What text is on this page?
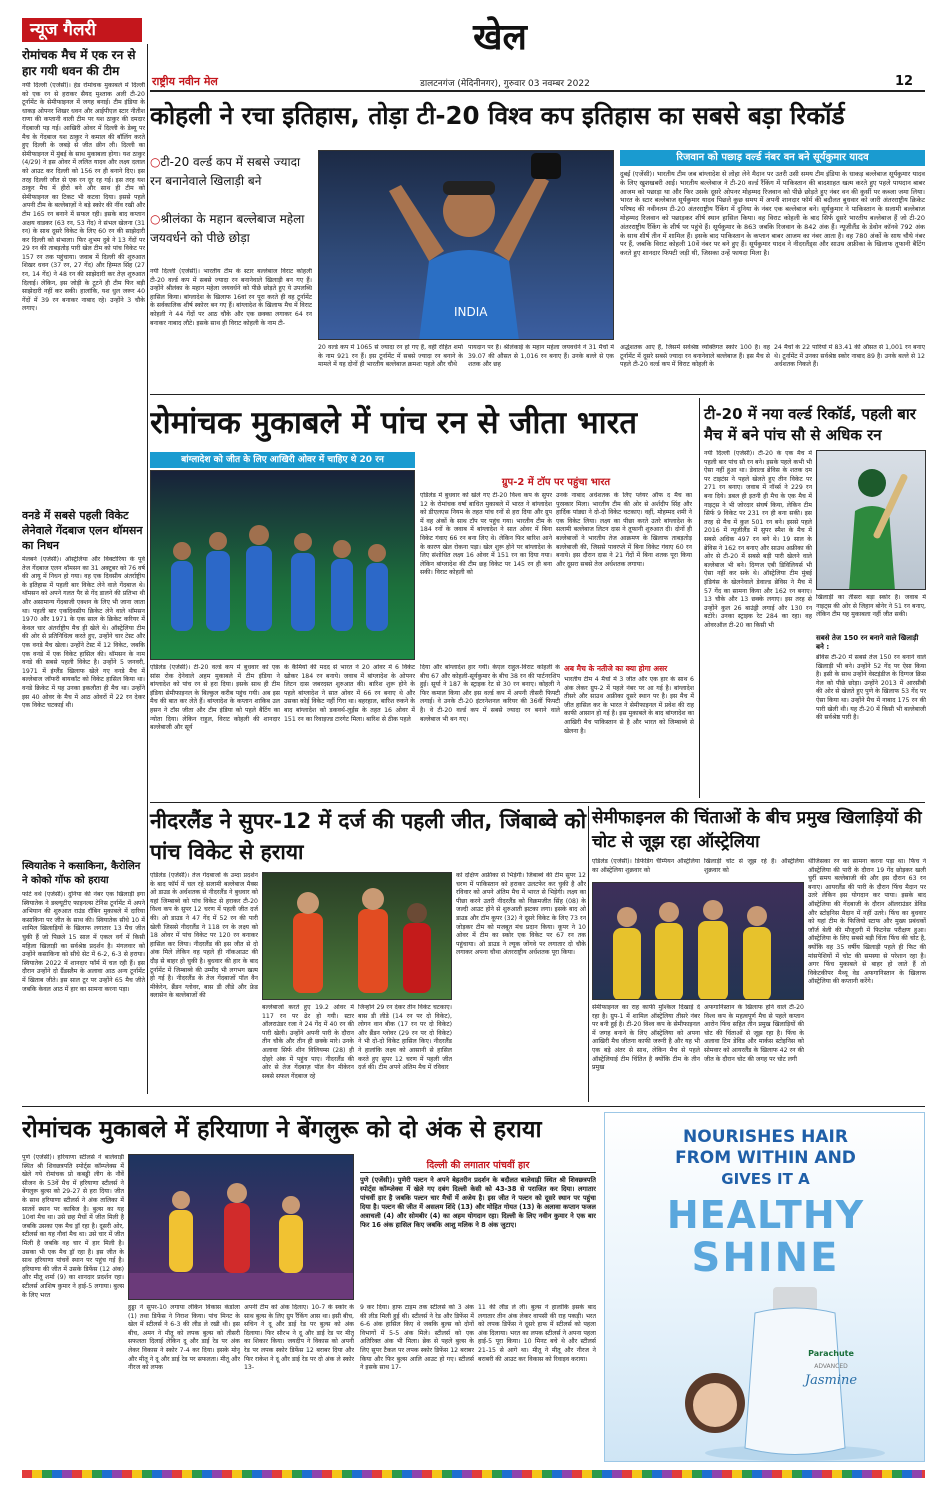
न्यूज गैलरी	खेल
राष्ट्रीय नवीन मेल	डालटनगंज (मेदिनीनगर), गुरुवार 03 नवम्बर 2022	12
रोमांचक मैच में एक रन से हार गयी धवन की टीम
नयी दिल्ली (एजेंसी)। हेड रोमांचक मुकाबले में दिल्ली को एक रन से हराकर सैयद मुश्ताक अली टी-20 टूर्नामेंट के सेमीफाइनल में जगह बनाई। टीम इंडिया के धाकड़ ओपनर शिखर धवन और आईपीएल स्टार नीतीश राणा की कप्तानी वाली टीम पर यश ठाकुर की दमदार गेंदबाजी पड़ गई। आखिरी ओवर में दिल्ली के डेब्यू पर मैच के गेंदबाज यश ठाकुर ने कमाल की बॉलिंग करते हुए दिल्ली के जबड़े से जीत छीन ली। दिल्ली का सेमीफाइनल में मुंबई के साथ मुकाबला होगा। यश ठाकुर (4/29) ने इस ओवर में ललित यादव और लक्ष्य दलाल को आउट कर दिल्ली को 156 रन ही बनाने दिए। इस तरह दिल्ली जीत से एक रन दूर रह गई। इस तरह यश ठाकुर मैच में हीरो बने और साथ ही टीम को सेमीफाइनल का टिकट भी कटवा दिया। इससे पहले अपनी टीम के बल्लेबाज़ों ने बड़े स्कोर की नींव रखी और टीम 165 रन बनाने में सफल रही। इसके बाद कप्तान अक्षय वाडकर (63 रन, 53 गेंद) ने संभल खेलना (31 रन) के साथ दूसरे विकेट के लिए 60 रन की साझेदारी कर दिल्ली को संभाला। फिर शुभम दुबे ने 13 गेंदों पर 29 रन की ताबड़तोड़ पारी खेल टीम को पांच विकेट पर 157 रन तक पहुंचाया। जवाब में दिल्ली की शुरुआत शिखर धवन (37 रन, 27 गेंद) और हिम्मत सिंह (27 रन, 14 गेंद) ने 48 रन की साझेदारी कर तेज़ शुरुआत दिलाई। लेकिन, इस जोड़ी के टूटने ही टीम फिर बड़ी साझेदारी नहीं कर सकी। हालांकि, यश धुल जरूर 40 गेंदों में 39 रन बनाकर नाबाद रहे। उन्होंने 3 चौके लगाए।
वनडे में सबसे पहली विकेट लेनेवाले गेंदबाज एलन थॉमसन का निधन
मेलबर्न (एजेंसी)। ऑस्ट्रेलिया और विक्टोरिया के पूर्व तेज गेंदबाज एलन थॉमसन का 31 अक्टूबर को 76 वर्ष की आयु में निधन हो गया। वह एक दिवसीय अंतर्राष्ट्रीय के इतिहास में पहली बार विकेट लेने वाले गेंदबाज थे। थॉमसन को अपने गलत पैर से गेंद डालने की प्रतिभा थी और असामान्य गेंदबाजी एक्शन के लिए भी जाना जाता था। पहली बार एकदिवसीय क्रिकेट लेने वाले थॉमसन 1970 और 1971 के एक साल के क्रिकेट करियर में केवल चार अंतर्राष्ट्रीय मैच ही खेले थे। ऑस्ट्रेलिया टीम की ओर से प्रतिनिधित्व करते हुए, उन्होंने चार टेस्ट और एक वनडे मैच खेला। उन्होंने टेस्ट में 12 विकेट, जबकि एक वनडे में एक विकेट हासिल की। थॉमसन के नाम वनडे की सबसे पहली विकेट है। उन्होंने 5 जनवरी, 1971 में इंग्लैंड खिलाफ खेले गए वनडे मैच में बल्लेबाज जॉफरी बायकॉट को विकेट हासिल किया था। वनडे क्रिकेट में यह उनका इकलौता ही मैच था। उन्होंने इस 40 ओवर के मैच में आठ ओवरों में 22 रन देकर एक विकेट चटकाई थी।
स्वियातेक ने कसाकिना, कैरोलिन ने कोको गॉफ को हराया
फोर्ट वर्थ (एजेंसी)। दुनिया की नंबर एक खिलाड़ी इगा स्वियातेक ने डब्ल्यूटीए फाइनल्स टेनिस टूर्नामेंट में अपने अभियान की शुरुआत राउंड रॉबिन मुकाबले में दारिया कसाकिना पर जीत के साथ की। स्वियातेक सीधे 10 में शामिल खिलाड़ियों के खिलाफ लगातार 13 मैच जीत चुकी हैं जो पिछले 15 साल में एकल वर्ग में किसी महिला खिलाड़ी का सर्वश्रेष्ठ प्रदर्शन है। मंगलवार को उन्होंने कसाकिना को सीधे सेट में 6-2, 6-3 से हराया। स्वियातेक 2022 में शानदार फॉर्म में चल रही हैं। इस दौरान उन्होंने दो ग्रैंडस्लैम के अलावा आठ अन्य टूर्नामेंट में खिताब जीते। इस साल टूर पर उन्होंने 65 मैच जीते जबकि केवल आठ में हार का सामना करना पड़ा।
कोहली ने रचा इतिहास, तोड़ा टी-20 विश्व कप इतिहास का सबसे बड़ा रिकॉर्ड
○टी-20 वर्ल्ड कप में सबसे ज्यादा रन बनानेवाले खिलाड़ी बने
○श्रीलंका के महान बल्लेबाज महेला जयवर्धने को पीछे छोड़ा
INDIA
नयी दिल्ली (एजेंसी)। भारतीय टीम के स्टार बल्लेबाज विराट कोहली टी-20 वर्ल्ड कप में सबसे ज्यादा रन बनानेवाले खिलाड़ी बन गए हैं। उन्होंने श्रीलंका के महान महेला जयवर्धने को पीछे छोड़ते हुए ये उपलब्धि हासिल किया। बांग्लादेश के खिलाफ 16वां रन पूरा करते ही वह टूर्नामेंट के सर्वकालिक शीर्ष स्कोरर बन गए हैं। बांग्लादेश के खिलाफ मैच में विराट कोहली ने 44 गेंदों पर आठ चौके और एक छक्का लगाकर 64 रन बनाकर नाबाद लौटे। इसके साथ ही विराट कोहली के नाम टी-
20 वर्ल्ड कप में 1065 से ज्यादा रन हो गए हैं, वहीं रोहित शर्मा के नाम 921 रन हैं। इस टूर्नामेंट में सबसे ज्यादा रन बनाने के मामले में यह दोनों ही भारतीय बल्लेबाज क्रमशः पहले और चौथे
पायदान पर हैं। श्रीलंकाई के महान महेला जयवर्धने ने 31 मैचों में 39.07 की औसत से 1,016 रन बनाए हैं। उनके बल्ले से एक शतक और छह
रिजवान को पछाड़ वर्ल्ड नंबर वन बने सूर्यकुमार यादव
दुबई (एजेंसी)। भारतीय टीम जब बांग्लादेश से लोहा लेने मैदान पर उतरी उसी समय टीम इंडिया के धाकड़ बल्लेबाज सूर्यकुमार यादव के लिए खुशखबरी आई। भारतीय बल्लेबाज ने टी-20 वर्ल्ड रैंकिंग में पाकिस्तान की बादशाहत खत्म करते हुए पहले पायदान बाबर आजम को पछाड़ा था और फिर उसके दूसरे ओपनर मोहम्मद रिजवान को पीछे छोड़ते हुए नंबर वन की कुर्सी पर कब्जा जमा लिया। भारत के स्टार बल्लेबाज सूर्यकुमार यादव पिछले कुछ समय में अपनी शानदार फॉर्म की बदौलत बुधवार को जारी अंतरराष्ट्रीय क्रिकेट परिषद की नवीनतम टी-20 अंतरराष्ट्रीय रैंकिंग में दुनिया के नंबर एक बल्लेबाज बने। सूर्यकुमार ने पाकिस्तान के सलामी बल्लेबाज मोहम्मद रिजवान को पछाड़कर शीर्ष स्थान हासिल किया। वह विराट कोहली के बाद सिर्फ दूसरे भारतीय बल्लेबाज हैं जो टी-20 अंतरराष्ट्रीय रैंकिंग के शीर्ष पर पहुंचे हैं। सूर्यकुमार के 863 जबकि रिजवान के 842 अंक हैं। न्यूजीलैंड के डेवोन कॉनवे 792 अंक के साथ शीर्ष तीन में शामिल हैं। इसके बाद पाकिस्तान के कप्तान बाबर आजम का नंबर आता है। वह 780 अंकों के साथ चौथे नंबर पर हैं, जबकि विराट कोहली 10वें नंबर पर बने हुए हैं। सूर्यकुमार यादव ने नीदरलैंड्स और साउथ अफ्रीका के खिलाफ तूफानी बैटिंग करते हुए शानदार फिफ्टी जड़ी थी, जिसका उन्हें फायदा मिला है।
अर्द्धशतक आए हैं, जिसमें सर्वश्रेष्ठ व्यक्तिगत स्कोर 100 है। वह टूर्नामेंट में दूसरे सबसे ज्यादा रन बनानेवाले बल्लेबाज हैं। इस मैच से पहले टी-20 वर्ल्ड कप में विराट कोहली के
24 मैचों के 22 पारियों में 83.41 की औसत से 1,001 रन बनाए थे। टूर्नामेंट में उनका सर्वश्रेष्ठ स्कोर नाबाद 89 है। उनके बल्ले से 12 अर्धशतक निकले हैं।
रोमांचक मुकाबले में पांच रन से जीता भारत
बांग्लादेश को जीत के लिए आखिरी ओवर में चाहिए थे 20 रन
ग्रुप-2 में टॉप पर पहुंचा भारत
एडिलेड में बुधवार को खेले गए टी-20 विश्व कप के सुपर 12 के रोमांचक वर्षा बाधित मुकाबले में भारत ने बांग्लादेश को डीएलएस नियम के तहत पांच रनों से हरा दिया और ग्रुप में वह अंकों के साथ टॉप पर पहुंच गया। भारतीय टीम के 184 रनों के जवाब में बांग्लादेश ने सात ओवर में बिना विकेट गंवाए 66 रन बना लिए थे। लेकिन फिर बारिश आने के कारण खेल रोकना पड़ा। खेल शुरू होने पर बांग्लादेश के लिए संशोधित लक्ष्य 16 ओवर में 151 रन का दिया गया। लेकिन बांग्लादेश की टीम छह विकेट पर 145 रन ही बना सकी। विराट कोहली को
उनके नाबाद अर्धशतक के लिए प्लेयर ऑफ द मैच का पुरस्कार मिला। भारतीय टीम की ओर से अर्शदीप सिंह और हार्दिक पांड्या ने दो-दो विकेट चटकाए। वहीं, मोहम्मद शमी ने एक विकेट लिया। लक्ष्य का पीछा करते उतरे बांग्लादेश के सलामी बल्लेबाज लिटन दास ने तूफानी शुरुआत दी। दोनों ही बल्लेबाजों ने भारतीय तेज आक्रमण के खिलाफ ताबड़तोड़ बल्लेबाजी की, जिससे पावरप्ले में बिना विकेट गंवाए 60 रन बनाये। इस दौरान दास ने 21 गेंदों में बिना शतक पूरा किया और दूसरा सबसे तेज अर्धशतक लगाया।
एडिलेड (एजेंसी)। टी-20 वर्ल्ड कप में बुधवार को एक सांस रोक देनेवाले अहम मुकाबले में टीम इंडिया ने बांग्लादेश को पांच रन से हरा दिया। इसके साथ ही टीम इंडिया सेमीफाइनल के बिल्कुल करीब पहुंच गयी। अब इस मैच की बात कर लेते हैं। बांग्लादेश के कप्तान शाकिब उल हसन ने टॉस जीता और टीम इंडिया को पहले बैटिंग का न्योता दिया। लेकिन राहुल, विराट कोहली की शानदार बल्लेबाजी और सूर्य
के कैमियो की मदद से भारत ने 20 ओवर में 6 विकेट खोकर 184 रन बनाये। जवाब में बांग्लादेश के ओपनर लिटन दास जबरदस्त शुरुआत की। बारिश शुरू होने के पहले बांग्लादेश ने सात ओवर में 66 रन बनाए थे और उसका कोई विकेट नहीं गिरा था। बहरहाल, बारिश रुकने के बाद बांग्लादेश को डकवर्थ-लुईस के तहत 16 ओवर में 151 रन का रिवाइज्ड टारगेट मिला। बारिश से ठीक पहले
दिया और बांग्लादेश हार गयी। केएल राहुल-विराट कोहली के बीच 67 और कोहली-सूर्यकुमार के बीच 38 रन की पार्टनरशिप हुई। सूर्या ने 187 के स्ट्राइक रेट से 30 रन बनाए। कोहली ने फिर कमाल किया और इस वर्ल्ड कप में अपनी तीसरी फिफ्टी लगाई। वे उनके टी-20 इंटरनेशनल करियर की 36वीं फिफ्टी है। वे टी-20 वर्ल्ड कप में सबसे ज्यादा रन बनाने वाले बल्लेबाज भी बन गए।
अब मैच के नतीजे का क्या होगा असर
भारतीय टीम 4 मैचों में 3 जीत और एक हार के साथ 6 अंक लेकर ग्रुप-2 में पहले नंबर पर आ गई है। बांग्लादेश तीसरे और साउथ अफ्रीका दूसरे स्थान पर है। इस मैच में जीत हासिल कर के भारत ने सेमीफाइनल में प्रवेश की राह काफी आसान हो गई है। इस मुकाबले के बाद बांग्लादेश का आखिरी मैच पाकिस्तान से है और भारत को जिम्बाब्वे से खेलना है।
टी-20 में नया वर्ल्ड रिकॉर्ड, पहली बार मैच में बने पांच सौ से अधिक रन
नयी दिल्ली (एजेंसी)। टी-20 के एक मैच में पहली बार पांच सौ रन बने। इसके पहले कभी भी ऐसा नहीं हुआ था। डेवाल्ड ब्रेविस के शतक दम पर टाइटंस ने पहले खेलते हुए तीन विकेट पर 271 रन बनाए। जवाब में नॉर्थ्स ने 229 रन बना दिये। डबल ही इतनी ही मैच के एक मैच में नाइट्स ने भी जोरदार संघर्ष किया, लेकिन टीम सिर्फ 9 विकेट पर 231 रन ही बना सकी। इस तरह से मैच में कुल 501 रन बने। इससे पहले 2016 में न्यूजीलैंड में सुपर स्मैश के मैच में सबसे अधिक 497 रन बने थे। 19 साल के ब्रेविस ने 162 रन बनाए और साउथ अफ्रीका की ओर से टी-20 में सबसे बड़ी पारी खेलने वाले बल्लेबाज भी बने। दिग्गज एबी डिविलियर्स भी ऐसा नहीं कर सके थे। ऑस्ट्रेलिया टीम मुंबई इंडियंस के खेलनेवाले डेवाल्ड ब्रेविस ने मैच में 57 गेंद का सामना किया और 162 रन बनाए। 13 चौके और 13 छक्के लगाए। इस तरह से उन्होंने कुल 26 बाउंड्री लगाई और 130 रन बटोरे। उनका स्ट्राइक रेट 284 का रहा। वह ओवरऑल टी-20 का किसी भी
खिलाड़ी का तीसरा बड़ा स्कोर है। जवाब में नाइट्स की ओर से जिहान बोनेर ने 51 रन बनाए, लेकिन टीम यह मुकाबला नहीं जीत सकी।
सबसे तेज 150 रन बनाने वाले खिलाड़ी बने :
ब्रेविस टी-20 में सबसे तेज 150 रन बनाने वाले खिलाड़ी भी बने। उन्होंने 52 गेंद पर ऐसा किया है। इसी के साथ उन्होंने वेस्टइंडीज के दिग्गज क्रिस गेल को पीछे छोड़ा। उन्होंने 2013 में आरसीबी की ओर से खेलते हुए पुणे के खिलाफ 53 गेंद पर ऐसा किया था। उन्होंने मैच में नाबाद 175 रन की पारी खेली थी। यह टी-20 में किसी भी बल्लेबाजी की सर्वश्रेष्ठ पारी है।
नीदरलैंड ने सुपर-12 में दर्ज की पहली जीत, जिंबाब्वे को पांच विकेट से हराया
एडिलेड (एजेंसी)। तेज गेंदबाजों के उम्दा प्रदर्शन के बाद फॉर्म में चल रहे सलामी बल्लेबाज मैक्स ओ डाउड के अर्धशतक से नीदरलैंड ने बुधवार को यहां जिम्बाब्वे को पांच विकेट से हराकर टी-20 विश्व कप के सुपर 12 चरण में पहली जीत दर्ज की। ओ डाउड ने 47 गेंद में 52 रन की पारी खेली जिससे नीदरलैंड ने 118 रन के लक्ष्य को 18 ओवर में पांच विकेट पर 120 रन बनाकर हासिल कर लिया। नीदरलैंड की इस जीत से दो अंक मिले लेकिन वह पहले ही नॉकआउट की दौड़ से बाहर हो चुकी है। बुधवार की हार के बाद टूर्नामेंट में जिम्बाब्वे की उम्मीद भी लगभग खत्म हो गई है। नीदरलैंड के तेज गेंदबाजों पॉल वैन मीकेरेन, ब्रैंडन ग्लोवर, बास डी लीडे और फ्रेड क्लासेन के बल्लेबाजों की
बल्लेबाजों करते हुए 19.2 ओवर में 117 रन पर ढेर हो गयी। स्टार ऑलराउंडर रजा ने 24 गेंद में 40 रन की पारी खेली। उन्होंने अपनी पारी के दौरान तीन चौके और तीन ही छक्के मारे। उनके अलावा सिर्फ शीन विलियम्स (28) ही दोहरे अंक में पहुंच पाए। नीदरलैंड की ओर से तेज गेंदबाज़ पॉल वैन मीकेरन सबसे सफल गेंदबाज रहे
जिन्होंने 29 रन देकर तीन विकेट चटकाए। बास डी लीडे (14 रन पर दो विकेट), लोगन वान बीक (17 रन पर दो विकेट) और ब्रैंडन ग्लोवर (29 रन पर दो विकेट) ने भी दो-दो विकेट हासिल किए। नीदरलैंड ने हालांकि लक्ष्य को आसानी से हासिल करते हुए सुपर 12 चरण में पहली जीत दर्ज की। टीम अपने अंतिम मैच में रविवार
को दक्षिण अफ्रीका से भिड़ेगी। जिंबाब्वे की टीम सुपर 12 चरण में पाकिस्तान को हराकर उलटफेर कर चुकी है और रविवार को अपने अंतिम मैच में भारत से भिड़ेगी। लक्ष्य का पीछा करने उतरी नीदरलैंड को विक्रमजीत सिंह (08) के जल्दी आउट होने से शुरुआती झटका लगा। इसके बाद ओ डाउड और टॉम कूपर (32) ने दूसरे विकेट के लिए 73 रन जोड़कर टीम को मजबूत मंच प्रदान किया। कूपर ने 10 ओवर में टीम का स्कोर एक विकेट पर 67 रन तक पहुंचाया। ओ डाउड ने ल्यूक जोंगवे पर लगातार दो चौके लगाकर अपना चौथा अंतरराष्ट्रीय अर्धशतक पूरा किया।
सेमीफाइनल की चिंताओं के बीच प्रमुख खिलाड़ियों की चोट से जूझ रहा ऑस्ट्रेलिया
एडिलेड (एजेंसी)। डिफेंडिंग चैम्पियन ऑस्ट्रेलिया का ऑस्ट्रेलिया शुक्रवार को
खिलाड़ी चोट से जूझ रहे हैं। ऑस्ट्रेलिया शुक्रवार को
सेमीफाइनल का राह काफी मुश्किल दिखाई दे रहा है। ग्रुप-1 में शामिल ऑस्ट्रेलिया तीसरे नंबर पर बनी हुई है। टी-20 विश्व कप के सेमीफाइनल में जगह बनाने के लिए ऑस्ट्रेलिया को अपना आखिरी मैच जीतना काफी जरूरी है और यह भी एक बड़े अंतर से साथ, लेकिन मैच से पहले ऑस्ट्रेलियाई टीम चिंतित है क्योंकि टीम के तीन प्रमुख
अफगानिस्तान के खिलाफ होने वाले टी-20 विश्व कप के महत्वपूर्ण मैच से पहले कप्तान आरोन फिंच सहित तीन प्रमुख खिलाड़ियों की चोट की चिंताओं से जूझ रहा है। फिंच के अलावा टिम डेविड और मार्कस स्टोइनिस को सोमवार को आयरलैंड के खिलाफ 42 रन की जीत के दौरान चोट की जगह पर चोट लगी
थीजिसका रन का सामना करना पड़ा था। फिंच ने ऑस्ट्रेलिया की पारी के दौरान 19 गेंद छोड़कर खली चुर्री समय बल्लेबाजी की और इस दौरान 63 रन बनाए। आयरलैंड की पारी के दौरान फिंच मैदान पर उतरे लेकिन इस योगदान कर पाया। इसके बाद ऑस्ट्रेलिया की गेंदबाजी के दौरान ऑलराउंडर डेविड और स्टोइनिस मैदान में नहीं उतरे। फिंच का बुधवार को यहां टीम के फिजियो स्टाफ और मुख्य प्रबंधकों जॉर्ज बेली की मौजूदगी में फिटनेस परीक्षण हुआ। ऑस्ट्रेलिया के लिए सबसे बड़ी चिंता फिंच की चोट है, क्योंकि वह 35 वर्षीय खिलाड़ी पहले ही फिट की मांसपेशियों में चोट की समस्या से परेशान रहा है। अगर फिंच मुकाबले से बाहर हो जाते हैं तो विकेटकीपर मैथ्यू वेड अफगानिस्तान के खिलाफ ऑस्ट्रेलिया की कप्तानी करेंगे।
रोमांचक मुकाबले में हरियाणा ने बेंगलुरू को दो अंक से हराया
पुणे (एजेंसी)। हरियाणा स्टीलर्स ने बालेवाड़ी स्थित श्री शिवछत्रपति स्पोर्ट्स कॉम्प्लेक्स में खेले गये रोमांचक प्रो कबड्डी लीग के नौवें सीजन के 53वें मैच में हरियाणा स्टीलर्स ने बेंगलुरू बुल्स को 29-27 से हरा दिया। जीत के साथ हरियाणा स्टीलर्स ने अंक तालिका में सातवें स्थान पर काबिज है। बुल्स का यह 10वां मैच था। उसे छह मैचों में जीत मिली है जबकि उसका एक मैच ड्रॉ रहा है। दूसरी ओर, स्टीलर्स का यह नौवां मैच था। उसे चार में जीत मिली है जबकि वह चार में हार मिली है। उसका भी एक मैच ड्रॉ रहा है। इस जीत के साथ हरियाणा पांचवें स्थान पर पहुंच गई है। हरियाणा की जीत में उसके डिफेंस (12 अंक) और मीतू शर्मा (9) का शानदार प्रदर्शन रहा। स्टीलर्स आशिष कुमार ने हाई-5 लगाया। बुल्स के लिए भरत
हुड्डा ने सुपर-10 लगाया लेकिन विकास कंडोला (1) तथा डिफेंस ने निराश किया। पांच मिनट के खेल में स्टीलर्स ने 6-3 की लीड ले रखी थी। इस बीच, अमन ने मीतू को लपक बुल्स को तीसरी सफलता दिलाई लेकिन दू और डाई रेड पर अंक लेकर विकास ने स्कोर 7-4 कर दिया। इसके मोनू और मीतू ने दू और डाई रेड पर सफलता। मीतू और नीरज को लपक
अपनी टीम को अंक दिलाए। 10-7 के स्कोर के साथ बुल्स के लिए ग्रुप रैंकिंग आस था। इसी बीच, सचिन ने दू और डाई रेड पर बुल्स को अंक दिलाया। फिर सौरभ ने दू और डाई रेड पर मीतू का शिकार किया। जयदीप ने विकास को अपनी रेड पर लपक स्कोर डिफेंस 12 बराबर दिया और फिर राकेश ने दू और डाई रेड पर दो अंक ले स्कोर 13-
दिल्ली की लगातार पांचवीं हार
पुणे (एजेंसी)। पुणेरी पल्टन ने अपने बेहतरीन प्रदर्शन के बदौलत बालेवाड़ी स्थित श्री शिवछत्रपति स्पोर्ट्स कॉम्प्लेक्स में खेले गए दबंग दिल्ली केसी को 43-38 से पराजित कर दिया। लगातार पांचवीं हार है जबकि पल्टन चार मैचों में अजेय है। इस जीत ने पल्टन को दूसरे स्थान पर पहुंचा दिया है। पल्टन की जीत में असलम शिंदे (13) और मोहित गोयत (13) के अलावा कप्तान फजल अत्राचली (4) और सोमबीर (4) का अहम योगदान रहा। दिल्ली के लिए नवीन कुमार ने एक बार फिर 16 अंक हासिल किए जबकि आशु मलिक ने 8 अंक जुटाए।
9 कर दिया। हाफ टाइम तक स्टीलर्स को 3 अंक की लीड मिली हुई थी। स्टीलर्स ने रेड और डिफेंस में 6-6 अंक हासिल किए थे जबकि बुल्स को दोनों विभागों में 5-5 अंक मिले। स्टीलर्स को एक अतिरिक्त अंक भी मिला। ब्रेक से पहले बुल्स के लिए सुपर टैकल पर लपक स्कोर डिफेंस 12 बराबर किया और फिर बुल्स आलि आउट हो गए। स्टीलर्स ने इसके साथ 17-
11 की लीड ले ली। बुल्स ने हालांकि इसके बाद लगातार तीन अंक लेकर वापसी की राह पकड़ी। भरत को लपक डिफेंस ने दूसरे हाफ में स्टीलर्स को पहला अंक दिलाया। भरत का लपक स्टीलर्स ने अपना पहला हाई-5 पूरा किया। 10 मिनट बचे थे और स्टीलर्स 21-15 से आगे था। मीतू ने मीतू और नीरज ने बराबरी की आउट कर विकास को रिवाइव कराया।
NOURISHES HAIR
FROM WITHIN AND
GIVES IT A
HEALTHY
SHINE
Parachute
ADVANCED
Jasmine
